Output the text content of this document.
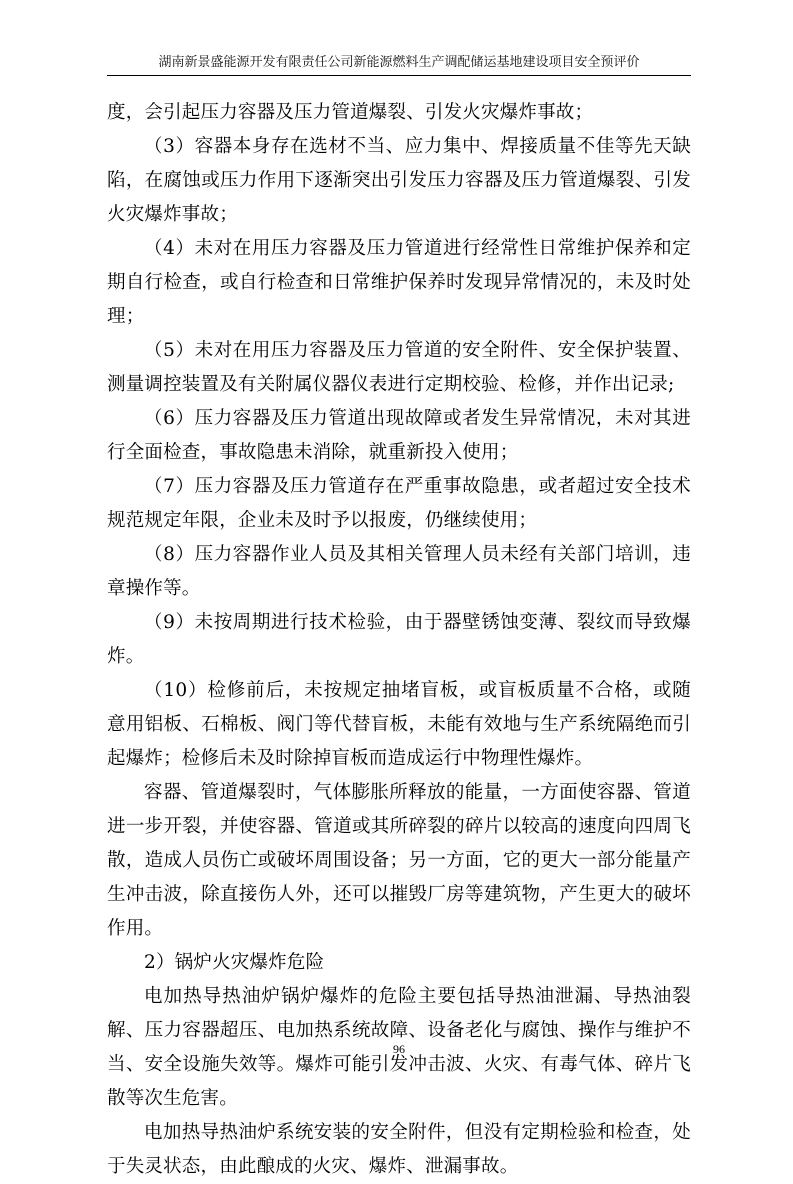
湖南新景盛能源开发有限责任公司新能源燃料生产调配储运基地建设项目安全预评价

度，会引起压力容器及压力管道爆裂、引发火灾爆炸事故；

（3）容器本身存在选材不当、应力集中、焊接质量不佳等先天缺陷，在腐蚀或压力作用下逐渐突出引发压力容器及压力管道爆裂、引发火灾爆炸事故；

（4）未对在用压力容器及压力管道进行经常性日常维护保养和定期自行检查，或自行检查和日常维护保养时发现异常情况的，未及时处理；

（5）未对在用压力容器及压力管道的安全附件、安全保护装置、测量调控装置及有关附属仪器仪表进行定期校验、检修，并作出记录;

（6）压力容器及压力管道出现故障或者发生异常情况，未对其进行全面检查，事故隐患未消除，就重新投入使用；

（7）压力容器及压力管道存在严重事故隐患，或者超过安全技术规范规定年限，企业未及时予以报废，仍继续使用；

（8）压力容器作业人员及其相关管理人员未经有关部门培训，违章操作等。

（9）未按周期进行技术检验，由于器壁锈蚀变薄、裂纹而导致爆炸。

（10）检修前后，未按规定抽堵盲板，或盲板质量不合格，或随意用铝板、石棉板、阀门等代替盲板，未能有效地与生产系统隔绝而引起爆炸；检修后未及时除掉盲板而造成运行中物理性爆炸。

容器、管道爆裂时，气体膨胀所释放的能量，一方面使容器、管道进一步开裂，并使容器、管道或其所碎裂的碎片以较高的速度向四周飞散，造成人员伤亡或破坏周围设备；另一方面，它的更大一部分能量产生冲击波，除直接伤人外，还可以摧毁厂房等建筑物，产生更大的破坏作用。

2）锅炉火灾爆炸危险

电加热导热油炉锅炉爆炸的危险主要包括导热油泄漏、导热油裂解、压力容器超压、电加热系统故障、设备老化与腐蚀、操作与维护不当、安全设施失效等。爆炸可能引发冲击波、火灾、有毒气体、碎片飞散等次生危害。

电加热导热油炉系统安装的安全附件，但没有定期检验和检查，处于失灵状态，由此酿成的火灾、爆炸、泄漏事故。

96
